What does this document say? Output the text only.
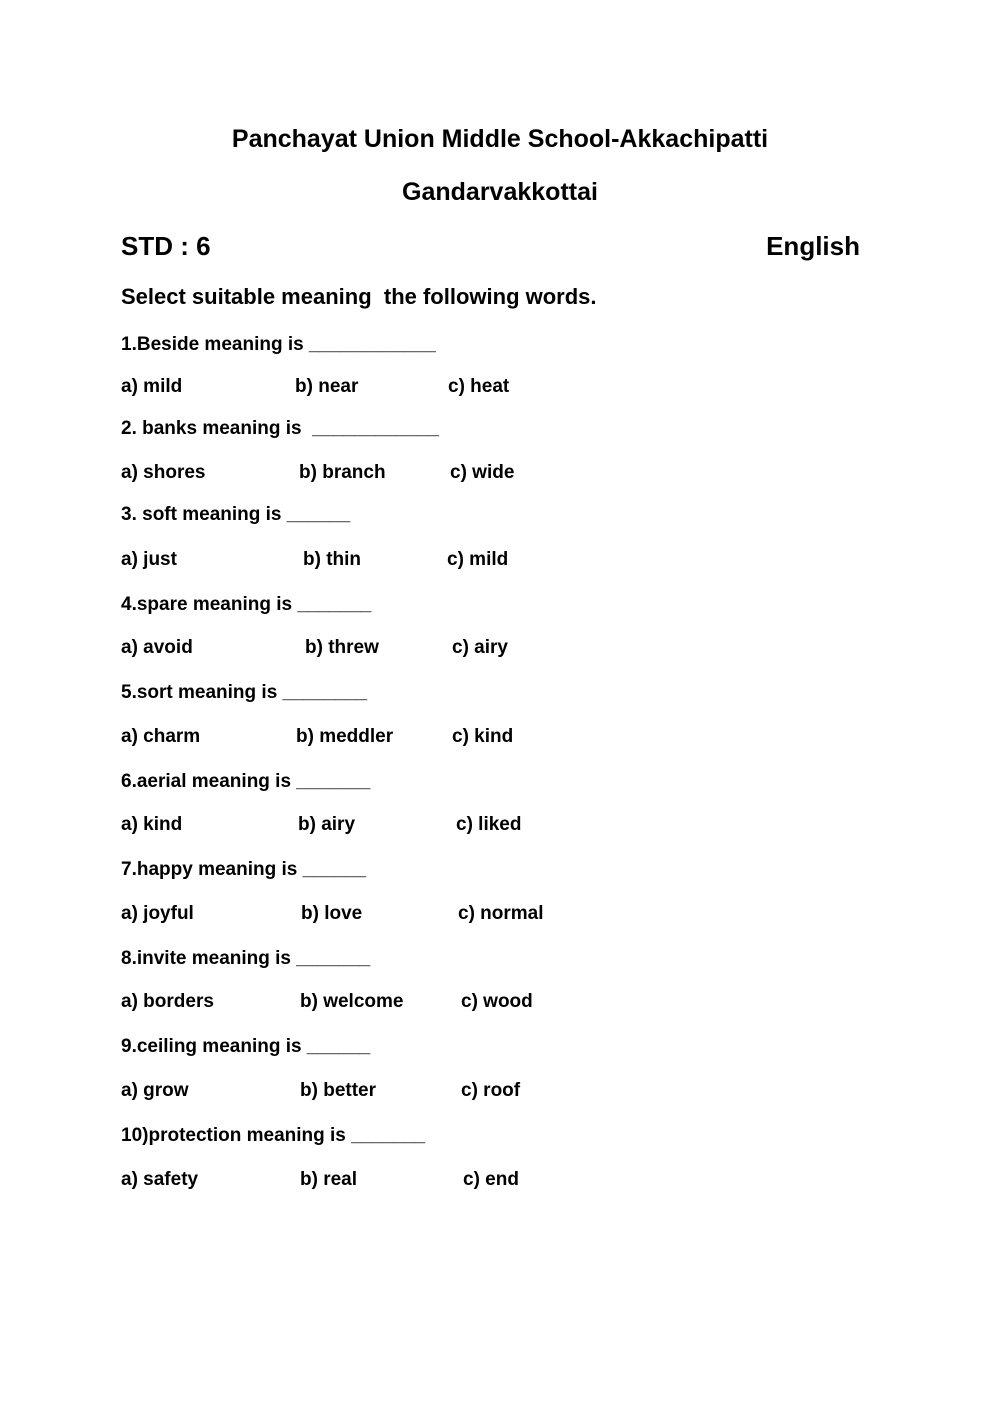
Panchayat Union Middle School-Akkachipatti
Gandarvakkottai
STD : 6	English
Select suitable meaning  the following words.
1.Beside meaning is ____________
a) mild	b) near	c) heat
2. banks meaning is  ____________
a) shores	b) branch	c) wide
3. soft meaning is ______
a) just	b) thin	c) mild
4.spare meaning is _______
a) avoid	b) threw	c) airy
5.sort meaning is ________
a) charm	b) meddler	c) kind
6.aerial meaning is _______
a) kind	b) airy	c) liked
7.happy meaning is ______
a) joyful	b) love	c) normal
8.invite meaning is _______
a) borders	b) welcome	c) wood
9.ceiling meaning is ______
a) grow	b) better	c) roof
10)protection meaning is _______
a) safety	b) real	c) end
